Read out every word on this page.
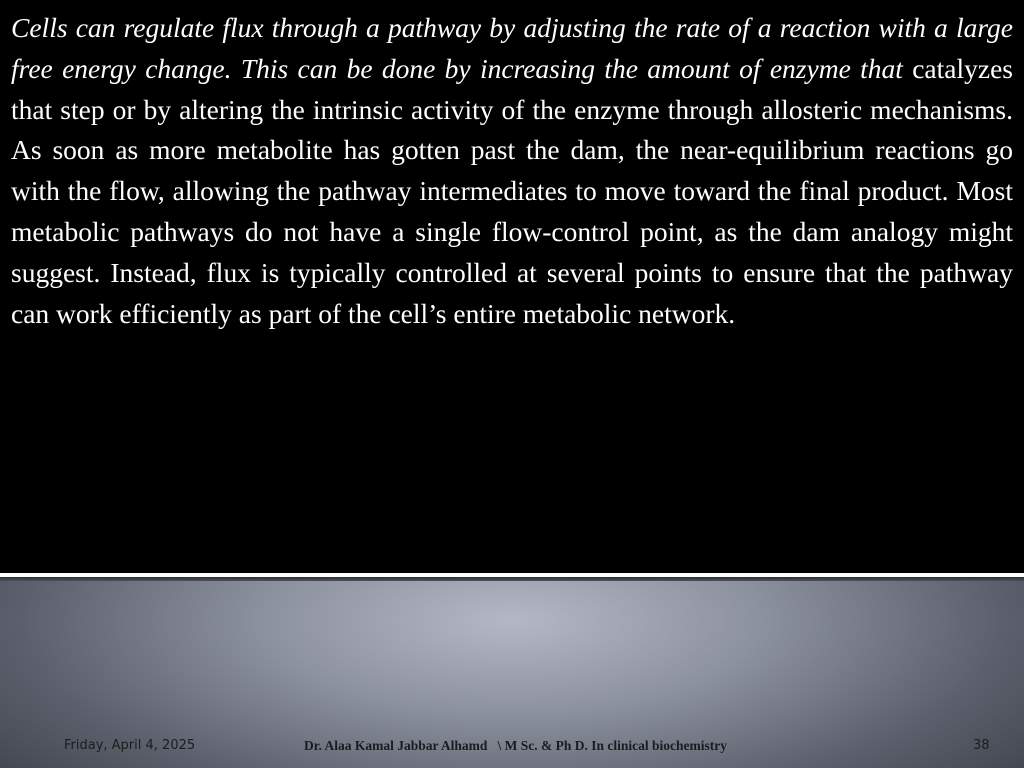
Cells can regulate flux through a pathway by adjusting the rate of a reaction with a large free energy change. This can be done by increasing the amount of enzyme that catalyzes that step or by altering the intrinsic activity of the enzyme through allosteric mechanisms. As soon as more metabolite has gotten past the dam, the near-equilibrium reactions go with the flow, allowing the pathway intermediates to move toward the final product. Most metabolic pathways do not have a single flow-control point, as the dam analogy might suggest. Instead, flux is typically controlled at several points to ensure that the pathway can work efficiently as part of the cell’s entire metabolic network.

Friday, April 4, 2025	Dr. Alaa Kamal Jabbar Alhamd   \ M Sc. & Ph D. In clinical biochemistry	38
